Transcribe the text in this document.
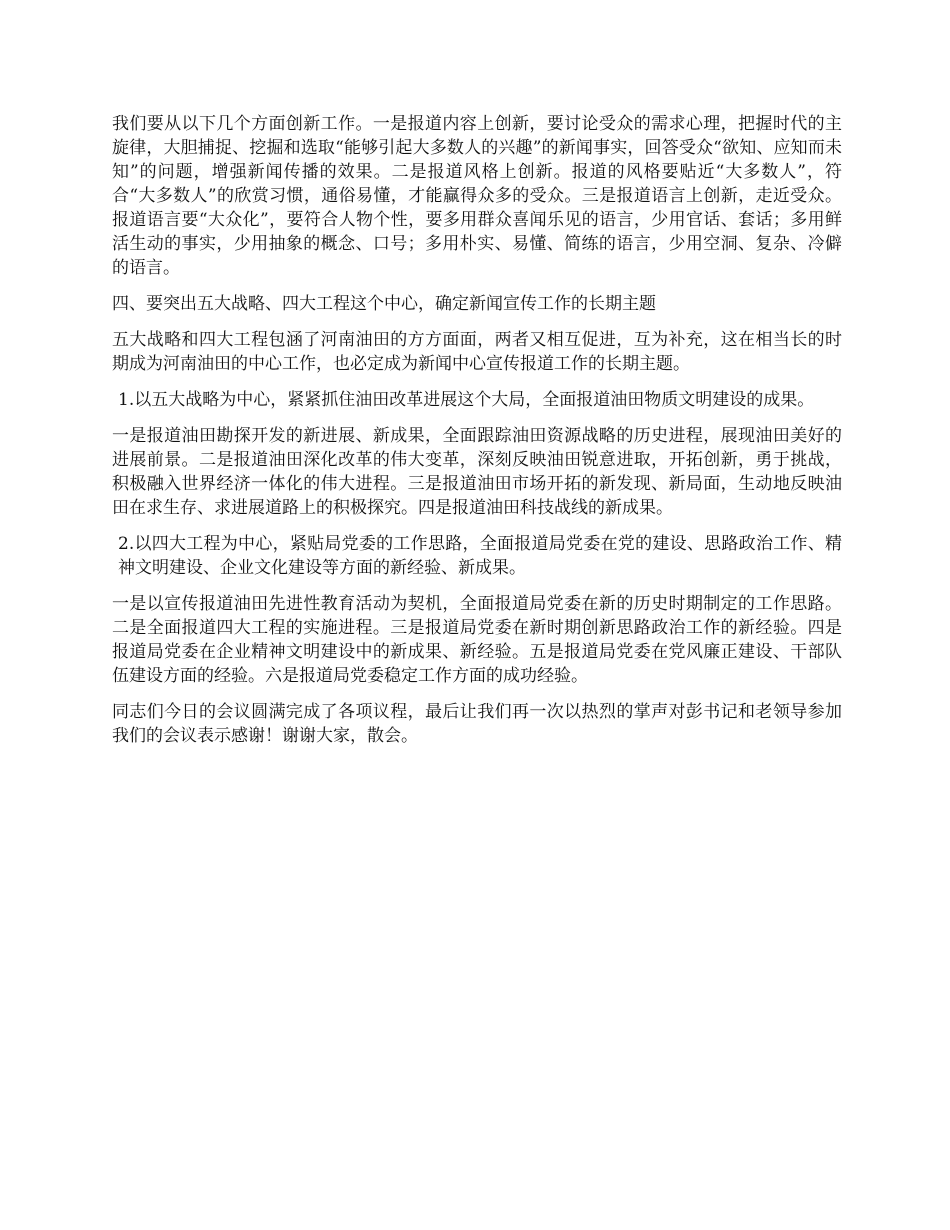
我们要从以下几个方面创新工作。一是报道内容上创新，要讨论受众的需求心理，把握时代的主旋律，大胆捕捉、挖掘和选取“能够引起大多数人的兴趣”的新闻事实，回答受众“欲知、应知而未知”的问题，增强新闻传播的效果。二是报道风格上创新。报道的风格要贴近“大多数人”，符合“大多数人”的欣赏习惯，通俗易懂，才能赢得众多的受众。三是报道语言上创新，走近受众。报道语言要“大众化”，要符合人物个性，要多用群众喜闻乐见的语言，少用官话、套话；多用鲜活生动的事实，少用抽象的概念、口号；多用朴实、易懂、简练的语言，少用空洞、复杂、冷僻的语言。

四、要突出五大战略、四大工程这个中心，确定新闻宣传工作的长期主题

五大战略和四大工程包涵了河南油田的方方面面，两者又相互促进，互为补充，这在相当长的时期成为河南油田的中心工作，也必定成为新闻中心宣传报道工作的长期主题。

1.以五大战略为中心，紧紧抓住油田改革进展这个大局，全面报道油田物质文明建设的成果。

一是报道油田勘探开发的新进展、新成果，全面跟踪油田资源战略的历史进程，展现油田美好的进展前景。二是报道油田深化改革的伟大变革，深刻反映油田锐意进取，开拓创新，勇于挑战，积极融入世界经济一体化的伟大进程。三是报道油田市场开拓的新发现、新局面，生动地反映油田在求生存、求进展道路上的积极探究。四是报道油田科技战线的新成果。

2.以四大工程为中心，紧贴局党委的工作思路，全面报道局党委在党的建设、思路政治工作、精神文明建设、企业文化建设等方面的新经验、新成果。

一是以宣传报道油田先进性教育活动为契机，全面报道局党委在新的历史时期制定的工作思路。二是全面报道四大工程的实施进程。三是报道局党委在新时期创新思路政治工作的新经验。四是报道局党委在企业精神文明建设中的新成果、新经验。五是报道局党委在党风廉正建设、干部队伍建设方面的经验。六是报道局党委稳定工作方面的成功经验。

同志们今日的会议圆满完成了各项议程，最后让我们再一次以热烈的掌声对彭书记和老领导参加我们的会议表示感谢！谢谢大家，散会。
